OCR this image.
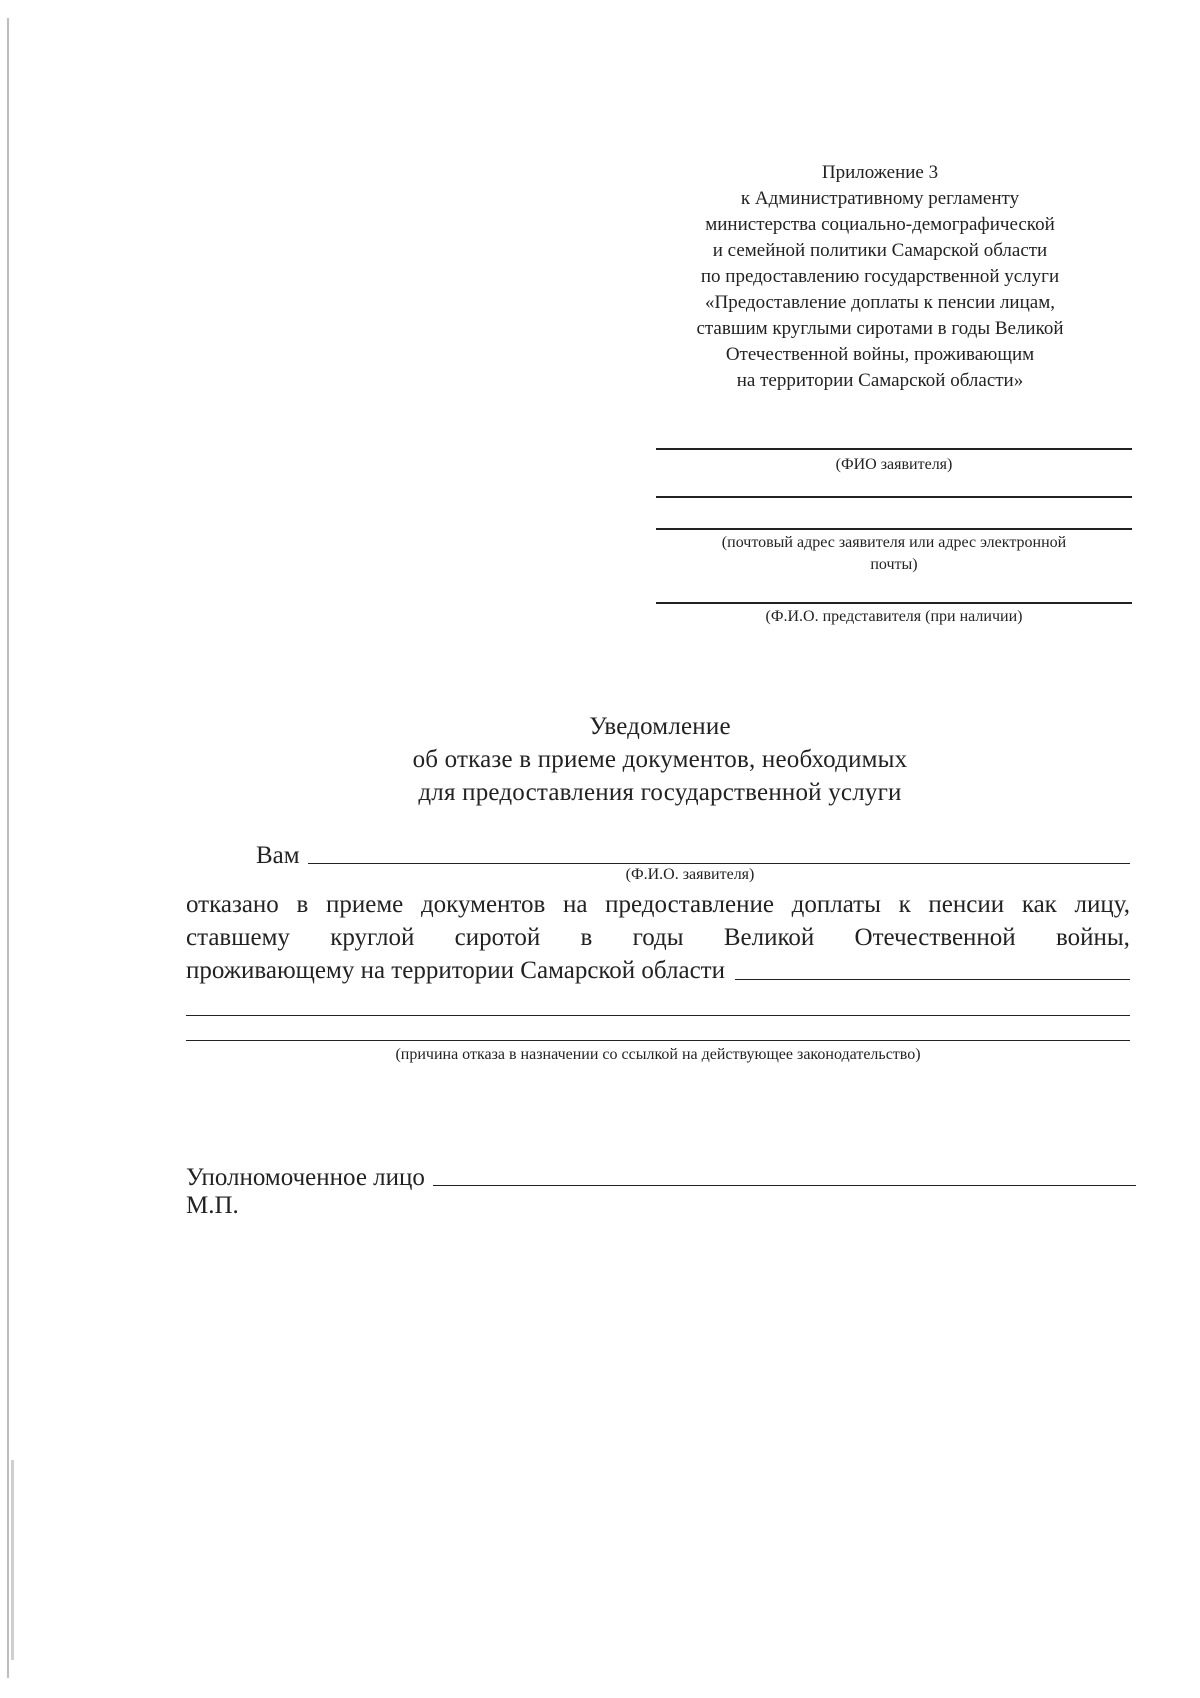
Приложение 3
к Административному регламенту
министерства социально-демографической
и семейной политики Самарской области
по предоставлению государственной услуги
«Предоставление доплаты к пенсии лицам,
ставшим круглыми сиротами в годы Великой
Отечественной войны, проживающим
на территории Самарской области»
(ФИО заявителя)
(почтовый адрес заявителя или адрес электронной
почты)
(Ф.И.О. представителя (при наличии)
Уведомление
об отказе в приеме документов, необходимых
для предоставления государственной услуги
Вам
(Ф.И.О. заявителя)
отказано в приеме документов на предоставление доплаты к пенсии как лицу,
ставшему круглой сиротой в годы Великой Отечественной войны,
проживающему на территории Самарской области
(причина отказа в назначении со ссылкой на действующее законодательство)
Уполномоченное лицо
М.П.
